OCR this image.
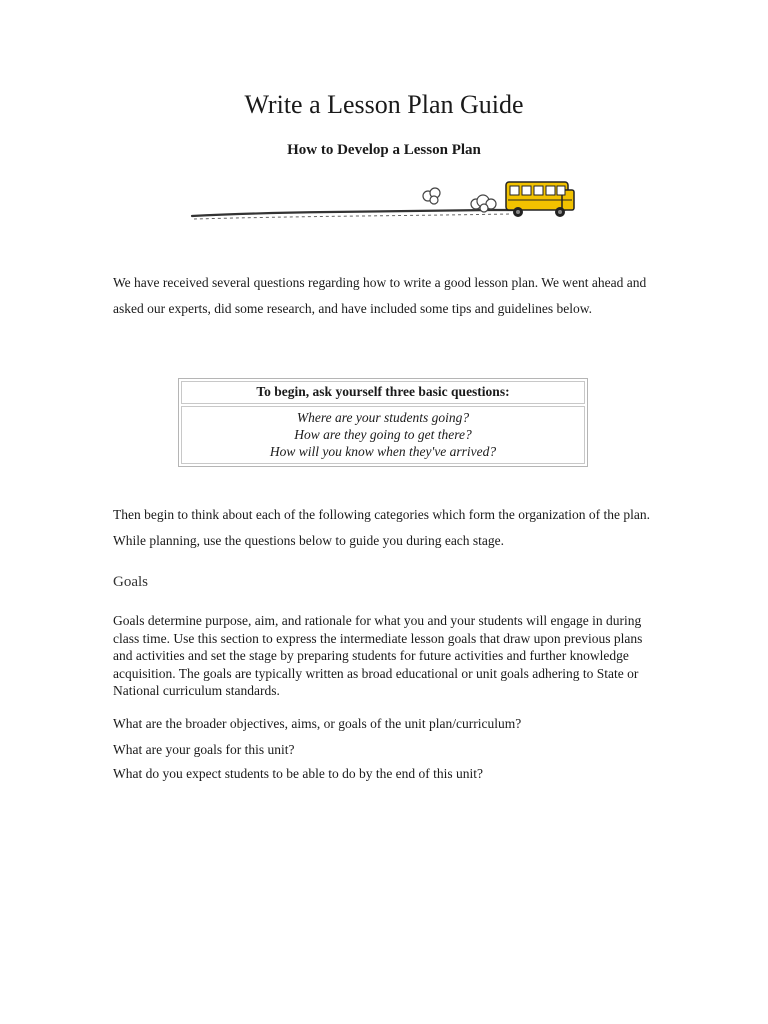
Write a Lesson Plan Guide
How to Develop a Lesson Plan

We have received several questions regarding how to write a good lesson plan. We went ahead and asked our experts, did some research, and have included some tips and guidelines below.

To begin, ask yourself three basic questions:
Where are your students going?
How are they going to get there?
How will you know when they've arrived?

Then begin to think about each of the following categories which form the organization of the plan. While planning, use the questions below to guide you during each stage.

Goals

Goals determine purpose, aim, and rationale for what you and your students will engage in during class time. Use this section to express the intermediate lesson goals that draw upon previous plans and activities and set the stage by preparing students for future activities and further knowledge acquisition. The goals are typically written as broad educational or unit goals adhering to State or National curriculum standards.

What are the broader objectives, aims, or goals of the unit plan/curriculum?

What are your goals for this unit?

What do you expect students to be able to do by the end of this unit?
